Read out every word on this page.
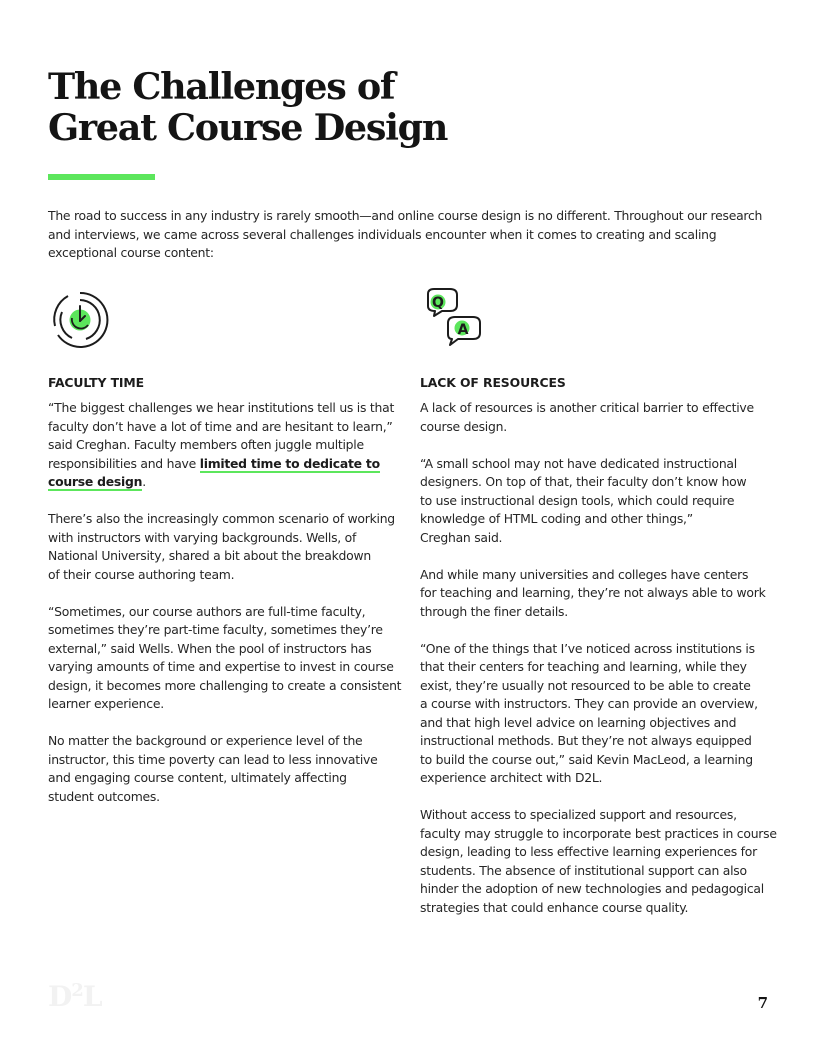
The Challenges of
Great Course Design

The road to success in any industry is rarely smooth—and online course design is no different. Throughout our research
and interviews, we came across several challenges individuals encounter when it comes to creating and scaling
exceptional course content:

Q
A
FACULTY TIME

“The biggest challenges we hear institutions tell us is that
faculty don’t have a lot of time and are hesitant to learn,”
said Creghan. Faculty members often juggle multiple
responsibilities and have limited time to dedicate to
course design.

There’s also the increasingly common scenario of working
with instructors with varying backgrounds. Wells, of
National University, shared a bit about the breakdown
of their course authoring team.

“Sometimes, our course authors are full-time faculty,
sometimes they’re part-time faculty, sometimes they’re
external,” said Wells. When the pool of instructors has
varying amounts of time and expertise to invest in course
design, it becomes more challenging to create a consistent
learner experience.

No matter the background or experience level of the
instructor, this time poverty can lead to less innovative
and engaging course content, ultimately affecting
student outcomes.

LACK OF RESOURCES

A lack of resources is another critical barrier to effective
course design.

“A small school may not have dedicated instructional
designers. On top of that, their faculty don’t know how
to use instructional design tools, which could require
knowledge of HTML coding and other things,”
Creghan said.

And while many universities and colleges have centers
for teaching and learning, they’re not always able to work
through the finer details.

“One of the things that I’ve noticed across institutions is
that their centers for teaching and learning, while they
exist, they’re usually not resourced to be able to create
a course with instructors. They can provide an overview,
and that high level advice on learning objectives and
instructional methods. But they’re not always equipped
to build the course out,” said Kevin MacLeod, a learning
experience architect with D2L.

Without access to specialized support and resources,
faculty may struggle to incorporate best practices in course
design, leading to less effective learning experiences for
students. The absence of institutional support can also
hinder the adoption of new technologies and pedagogical
strategies that could enhance course quality.

$D^2L$	7
